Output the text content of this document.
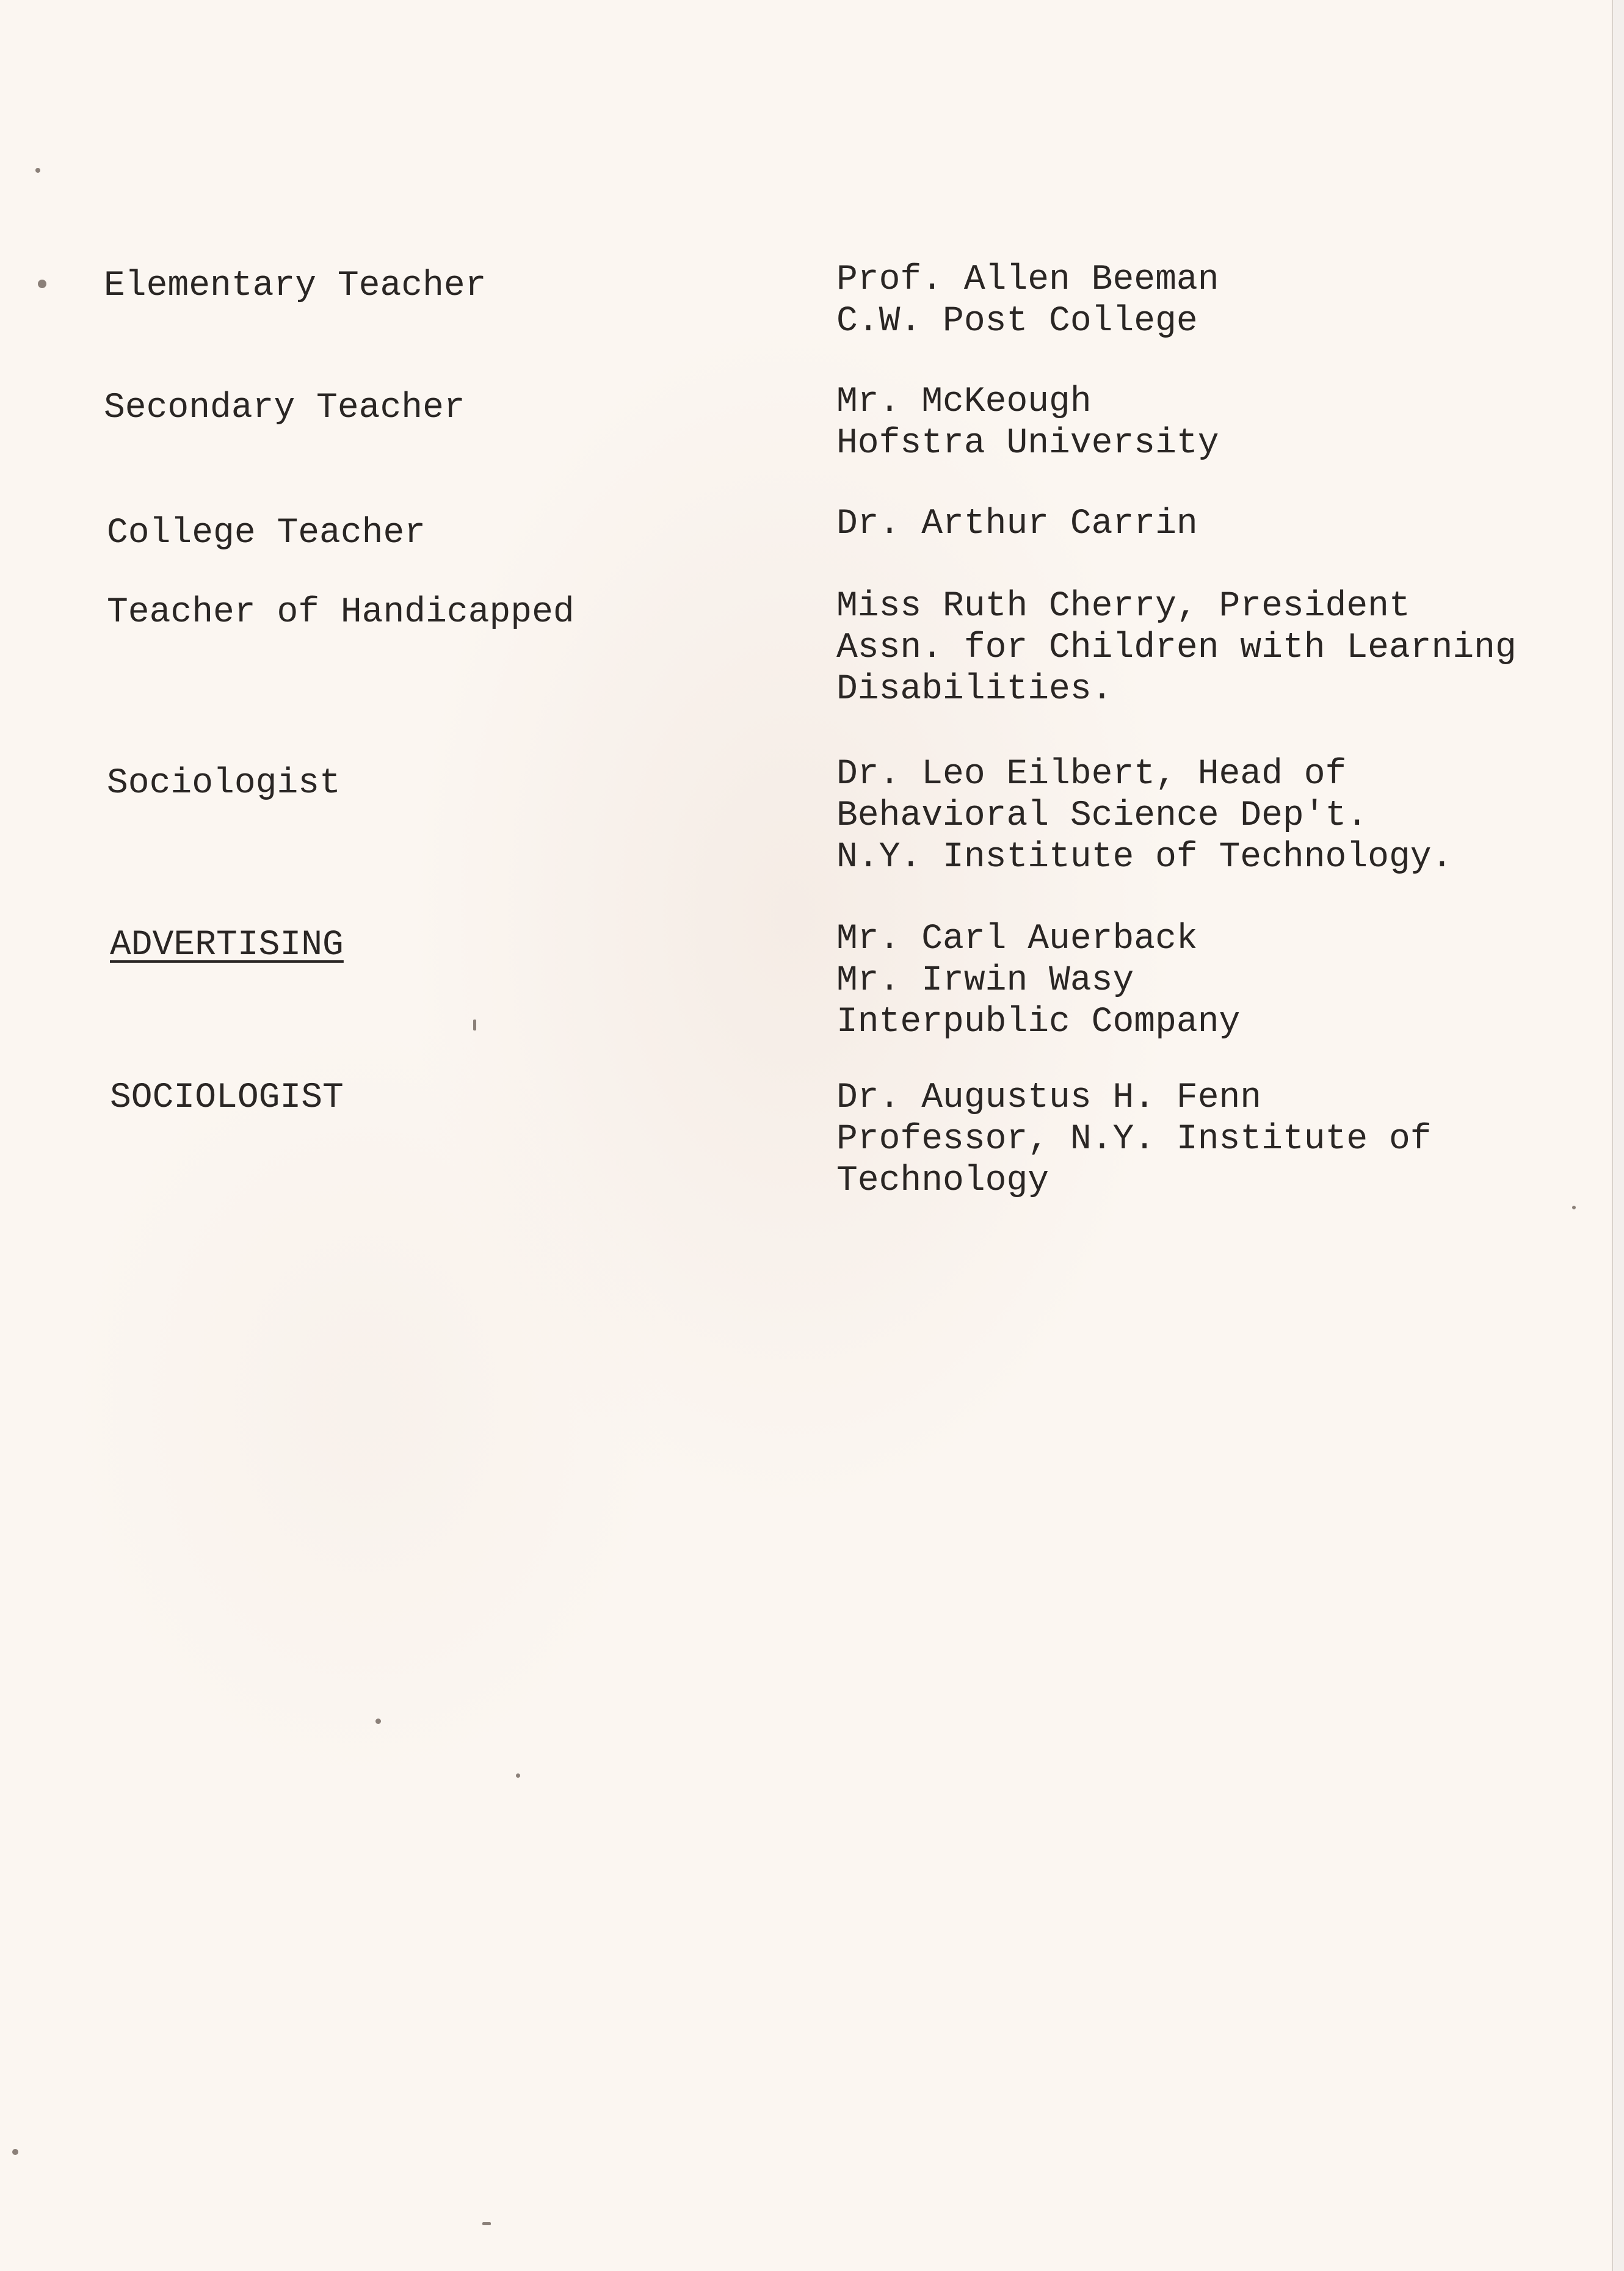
Elementary Teacher	Prof. Allen Beeman
C.W. Post College
Secondary Teacher	Mr. McKeough
Hofstra University
College Teacher	Dr. Arthur Carrin
Teacher of Handicapped	Miss Ruth Cherry, President
Assn. for Children with Learning
Disabilities.
Sociologist	Dr. Leo Eilbert, Head of
Behavioral Science Dep't.
N.Y. Institute of Technology.
ADVERTISING	Mr. Carl Auerback
Mr. Irwin Wasy
Interpublic Company
SOCIOLOGIST	Dr. Augustus H. Fenn
Professor, N.Y. Institute of
Technology
